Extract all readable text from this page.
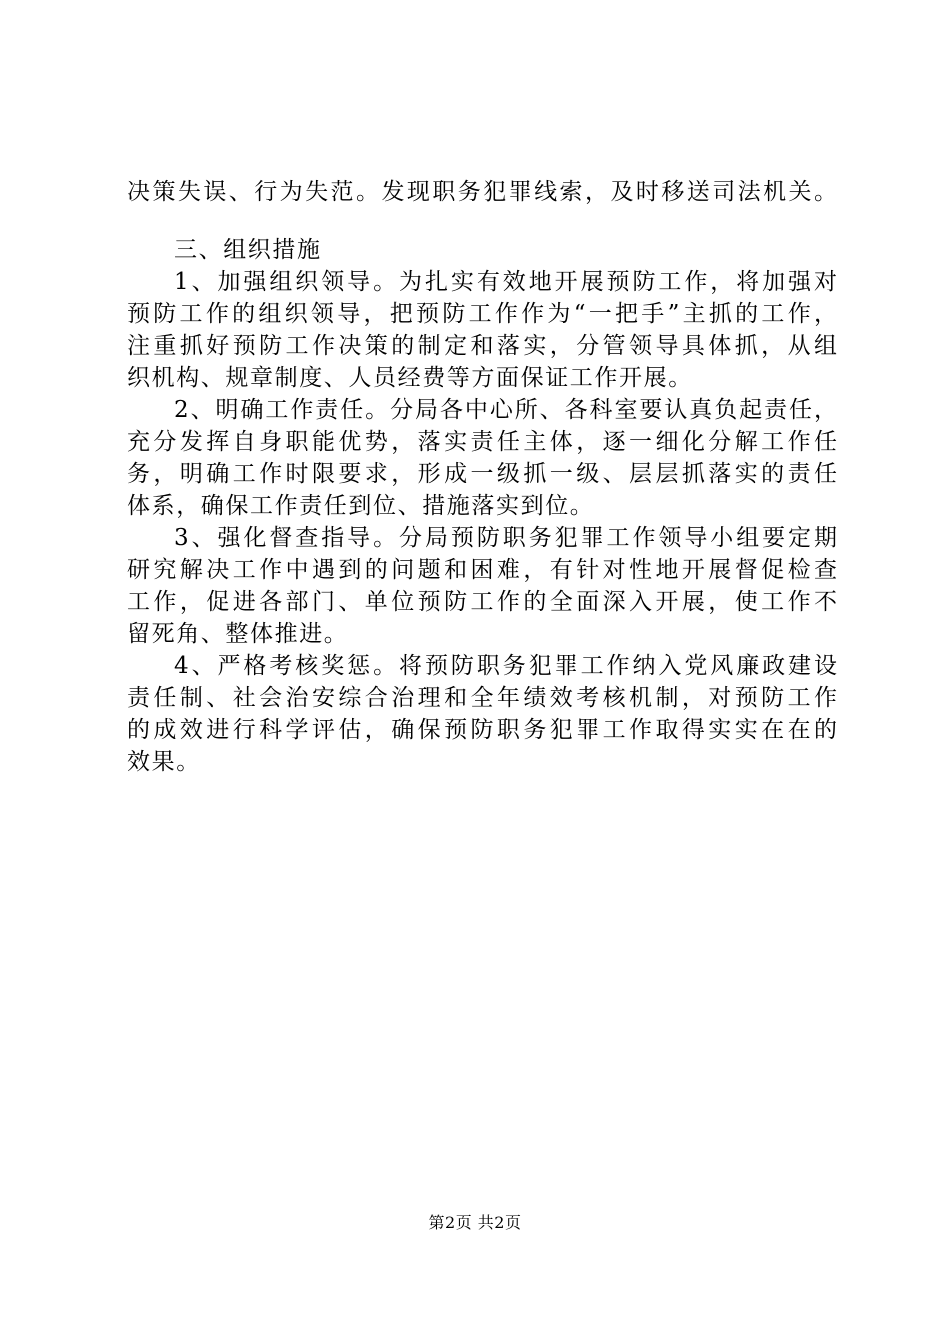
决策失误、行为失范。发现职务犯罪线索，及时移送司法机关。
三、组织措施
1、加强组织领导。为扎实有效地开展预防工作，将加强对
预防工作的组织领导，把预防工作作为“一把手”主抓的工作，
注重抓好预防工作决策的制定和落实，分管领导具体抓，从组
织机构、规章制度、人员经费等方面保证工作开展。
2、明确工作责任。分局各中心所、各科室要认真负起责任，
充分发挥自身职能优势，落实责任主体，逐一细化分解工作任
务，明确工作时限要求，形成一级抓一级、层层抓落实的责任
体系，确保工作责任到位、措施落实到位。
3、强化督查指导。分局预防职务犯罪工作领导小组要定期
研究解决工作中遇到的问题和困难，有针对性地开展督促检查
工作，促进各部门、单位预防工作的全面深入开展，使工作不
留死角、整体推进。
4、严格考核奖惩。将预防职务犯罪工作纳入党风廉政建设
责任制、社会治安综合治理和全年绩效考核机制，对预防工作
的成效进行科学评估，确保预防职务犯罪工作取得实实在在的
效果。
第2页 共2页
